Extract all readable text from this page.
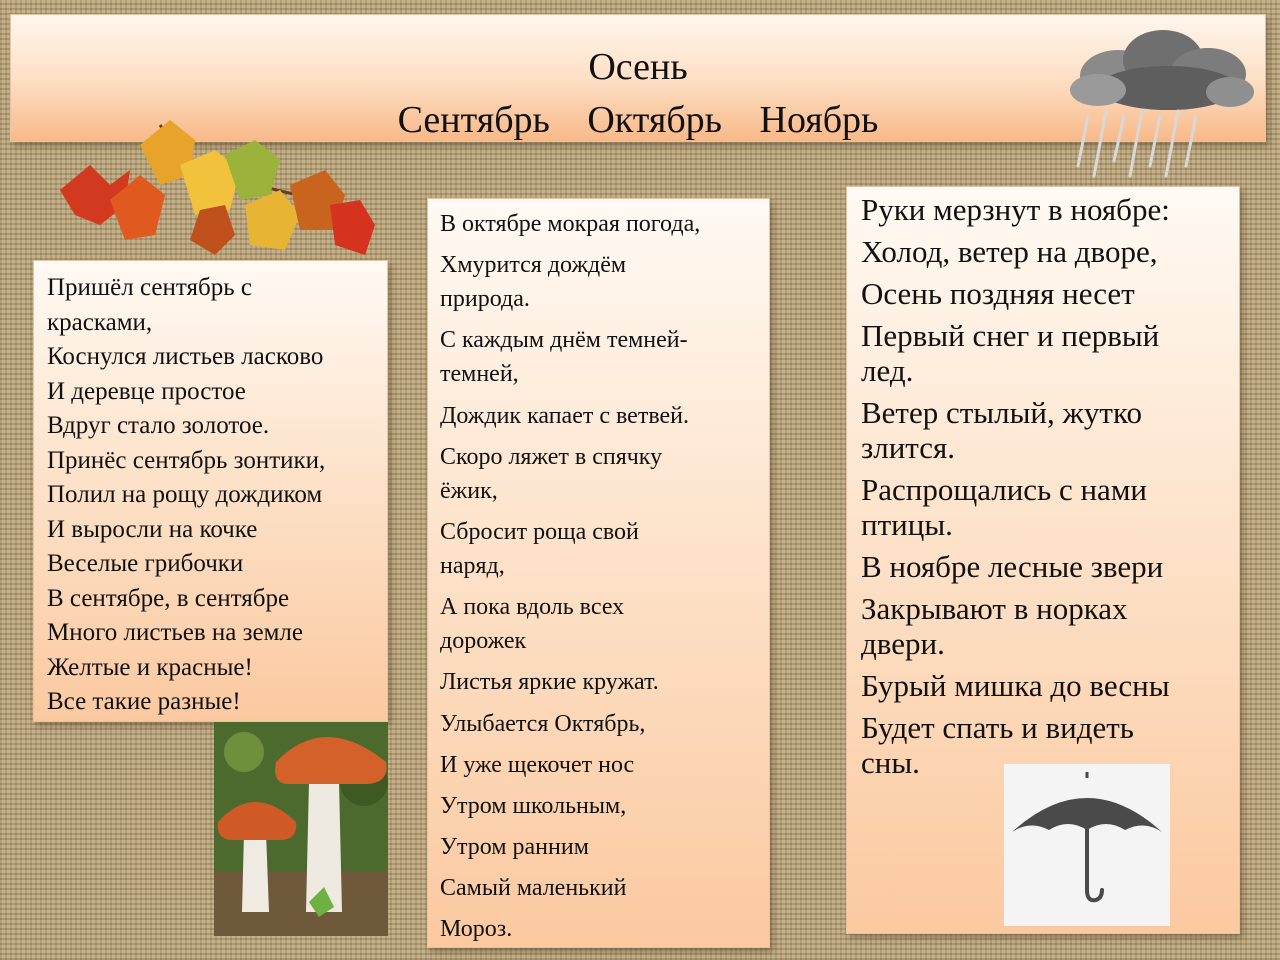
Осень
Сентябрь Октябрь Ноябрь
Пришёл сентябрь с
красками,
Коснулся листьев ласково
И деревце простое
Вдруг стало золотое.
Принёс сентябрь зонтики,
Полил на рощу дождиком
И выросли на кочке
Веселые грибочки
В сентябре, в сентябре
Много листьев на земле
Желтые и красные!
Все такие разные!
В октябре мокрая погода,
Хмурится дождём
природа.
С каждым днём темней-
темней,
Дождик капает с ветвей.
Скоро ляжет в спячку
ёжик,
Сбросит роща свой
наряд,
А пока вдоль всех
дорожек
Листья яркие кружат.
Улыбается Октябрь,
И уже щекочет нос
Утром школьным,
Утром ранним
Самый маленький
Мороз.
Руки мерзнут в ноябре:
Холод, ветер на дворе,
Осень поздняя несет
Первый снег и первый
лед.
Ветер стылый, жутко
злится.
Распрощались с нами
птицы.
В ноябре лесные звери
Закрывают в норках
двери.
Бурый мишка до весны
Будет спать и видеть
сны.
